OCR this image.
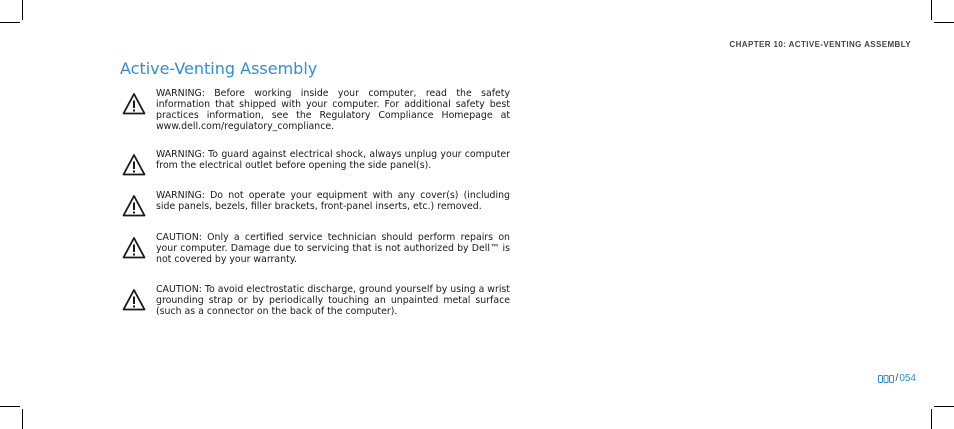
CHAPTER 10: ACTIVE-VENTING ASSEMBLY
Active-Venting Assembly
WARNING: Before working inside your computer, read the safety information that shipped with your computer. For additional safety best practices information, see the Regulatory Compliance Homepage at www.dell.com/regulatory_compliance.
WARNING: To guard against electrical shock, always unplug your computer from the electrical outlet before opening the side panel(s).
WARNING: Do not operate your equipment with any cover(s) (including side panels, bezels, filler brackets, front-panel inserts, etc.) removed.
CAUTION: Only a certified service technician should perform repairs on your computer. Damage due to servicing that is not authorized by Dell™ is not covered by your warranty.
CAUTION: To avoid electrostatic discharge, ground yourself by using a wrist grounding strap or by periodically touching an unpainted metal surface (such as a connector on the back of the computer).
/ 054
